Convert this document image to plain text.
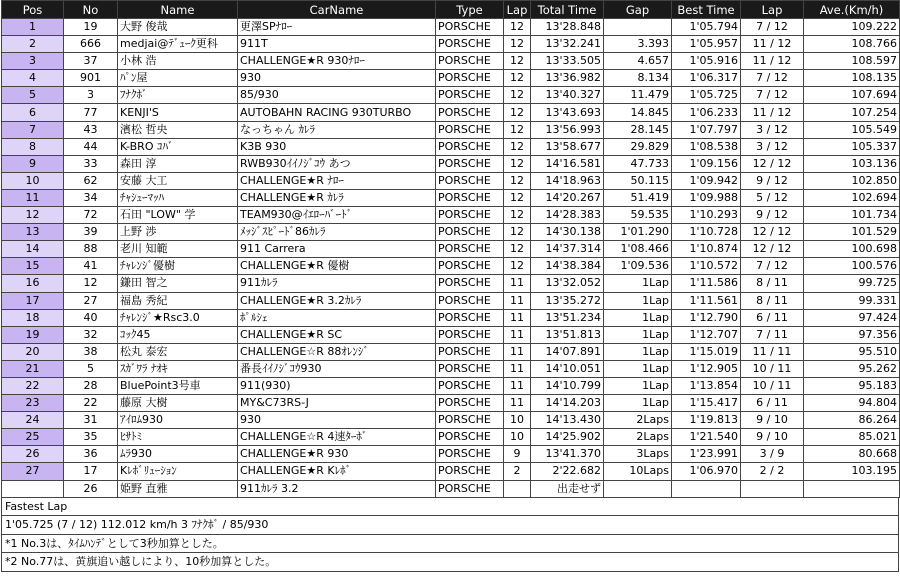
Pos	No	Name	CarName	Type	Lap	Total Time	Gap	Best Time	Lap	Ave.(Km/h)
1	19	大野 俊哉	更澤SPﾅﾛｰ	PORSCHE	12	13'28.848		1'05.794	7 / 12	109.222
2	666	medjai@ﾃﾞｭｰｸ更科	911T	PORSCHE	12	13'32.241	3.393	1'05.957	11 / 12	108.766
3	37	小林 浩	CHALLENGE★R 930ﾅﾛｰ	PORSCHE	12	13'33.505	4.657	1'05.916	11 / 12	108.597
4	901	ﾊﾟﾝ屋	930	PORSCHE	12	13'36.982	8.134	1'06.317	7 / 12	108.135
5	3	ﾌﾅｸﾎﾞ	85/930	PORSCHE	12	13'40.327	11.479	1'05.725	7 / 12	107.694
6	77	KENJI'S	AUTOBAHN RACING 930TURBO	PORSCHE	12	13'43.693	14.845	1'06.233	11 / 12	107.254
7	43	濱松 哲央	なっちゃん ｶﾚﾗ	PORSCHE	12	13'56.993	28.145	1'07.797	3 / 12	105.549
8	44	K-BRO ｺﾊﾞ	K3B 930	PORSCHE	12	13'58.677	29.829	1'08.538	3 / 12	105.337
9	33	森田 淳	RWB930ｲｲﾉｼﾞｺｳ あつ	PORSCHE	12	14'16.581	47.733	1'09.156	12 / 12	103.136
10	62	安藤 大工	CHALLENGE★R ﾅﾛｰ	PORSCHE	12	14'18.963	50.115	1'09.942	9 / 12	102.850
11	34	ﾁｬｼｭｰﾏｯﾊ	CHALLENGE★R ｶﾚﾗ	PORSCHE	12	14'20.267	51.419	1'09.988	5 / 12	102.694
12	72	石田 "LOW" 学	TEAM930@ｲｴﾛｰﾊﾞｰﾄﾞ	PORSCHE	12	14'28.383	59.535	1'10.293	9 / 12	101.734
13	39	上野 渉	ﾒｯｼﾞｽﾋﾟｰﾄﾞ86ｶﾚﾗ	PORSCHE	12	14'30.138	1'01.290	1'10.728	12 / 12	101.529
14	88	老川 知範	911 Carrera	PORSCHE	12	14'37.314	1'08.466	1'10.874	12 / 12	100.698
15	41	ﾁｬﾚﾝｼﾞ優樹	CHALLENGE★R 優樹	PORSCHE	12	14'38.384	1'09.536	1'10.572	7 / 12	100.576
16	12	鎌田 智之	911ｶﾚﾗ	PORSCHE	11	13'32.052	1Lap	1'11.586	8 / 11	99.725
17	27	福島 秀紀	CHALLENGE★R 3.2ｶﾚﾗ	PORSCHE	11	13'35.272	1Lap	1'11.561	8 / 11	99.331
18	40	ﾁｬﾚﾝｼﾞ★Rsc3.0	ﾎﾟﾙｼｪ	PORSCHE	11	13'51.234	1Lap	1'12.790	6 / 11	97.424
19	32	ｺｯｸ45	CHALLENGE★R SC	PORSCHE	11	13'51.813	1Lap	1'12.707	7 / 11	97.356
20	38	松丸 泰宏	CHALLENGE☆R 88ｵﾚﾝｼﾞ	PORSCHE	11	14'07.891	1Lap	1'15.019	11 / 11	95.510
21	5	ｽｶﾞﾜﾗ ﾅｵｷ	番長ｲｲﾉｼﾞｺｳ930	PORSCHE	11	14'10.051	1Lap	1'12.905	10 / 11	95.262
22	28	BluePoint3号車	911(930)	PORSCHE	11	14'10.799	1Lap	1'13.854	10 / 11	95.183
23	22	藤原 大樹	MY&C73RS-J	PORSCHE	11	14'14.203	1Lap	1'15.417	6 / 11	94.804
24	31	ｱｲﾛﾑ930	930	PORSCHE	10	14'13.430	2Laps	1'19.813	9 / 10	86.264
25	35	ﾋｻﾄﾐ	CHALLENGE☆R 4速ﾀｰﾎﾞ	PORSCHE	10	14'25.902	2Laps	1'21.540	9 / 10	85.021
26	36	ﾑﾗ930	CHALLENGE★R 930	PORSCHE	9	13'41.370	3Laps	1'23.991	3 / 9	80.668
27	17	Kﾚﾎﾞﾘｭｰｼｮﾝ	CHALLENGE★R Kﾚﾎﾞ	PORSCHE	2	2'22.682	10Laps	1'06.970	2 / 2	103.195
	26	姫野 直雅	911ｶﾚﾗ 3.2	PORSCHE		出走せず				
Fastest Lap
1'05.725 (7 / 12) 112.012 km/h 3 ﾌﾅｸﾎﾞ / 85/930
*1 No.3は、ﾀｲﾑﾊﾝﾃﾞとして3秒加算とした。
*2 No.77は、黄旗追い越しにより、10秒加算とした。
